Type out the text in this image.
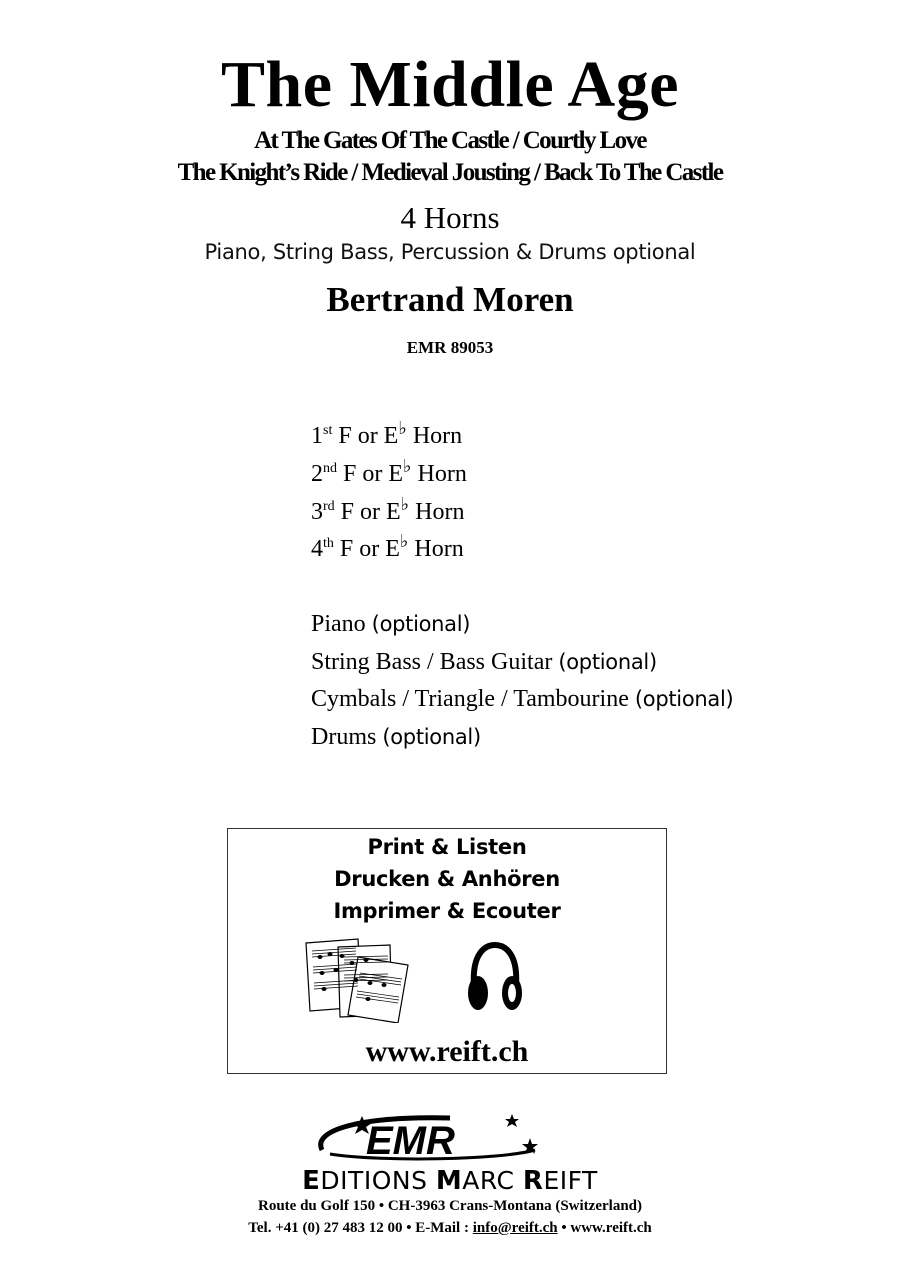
The Middle Age
At The Gates Of The Castle / Courtly Love
The Knight’s Ride / Medieval Jousting / Back To The Castle
4 Horns
Piano, String Bass, Percussion & Drums optional
Bertrand Moren
EMR 89053
1st F or E♭ Horn
2nd F or E♭ Horn
3rd F or E♭ Horn
4th F or E♭ Horn
Piano (optional)
String Bass / Bass Guitar (optional)
Cymbals / Triangle / Tambourine (optional)
Drums (optional)
Print & Listen
Drucken & Anhören
Imprimer & Ecouter
www.reift.ch
EMR
EDITIONS MARC REIFT
Route du Golf 150 • CH-3963 Crans-Montana (Switzerland)
Tel. +41 (0) 27 483 12 00 • E-Mail : info@reift.ch • www.reift.ch
